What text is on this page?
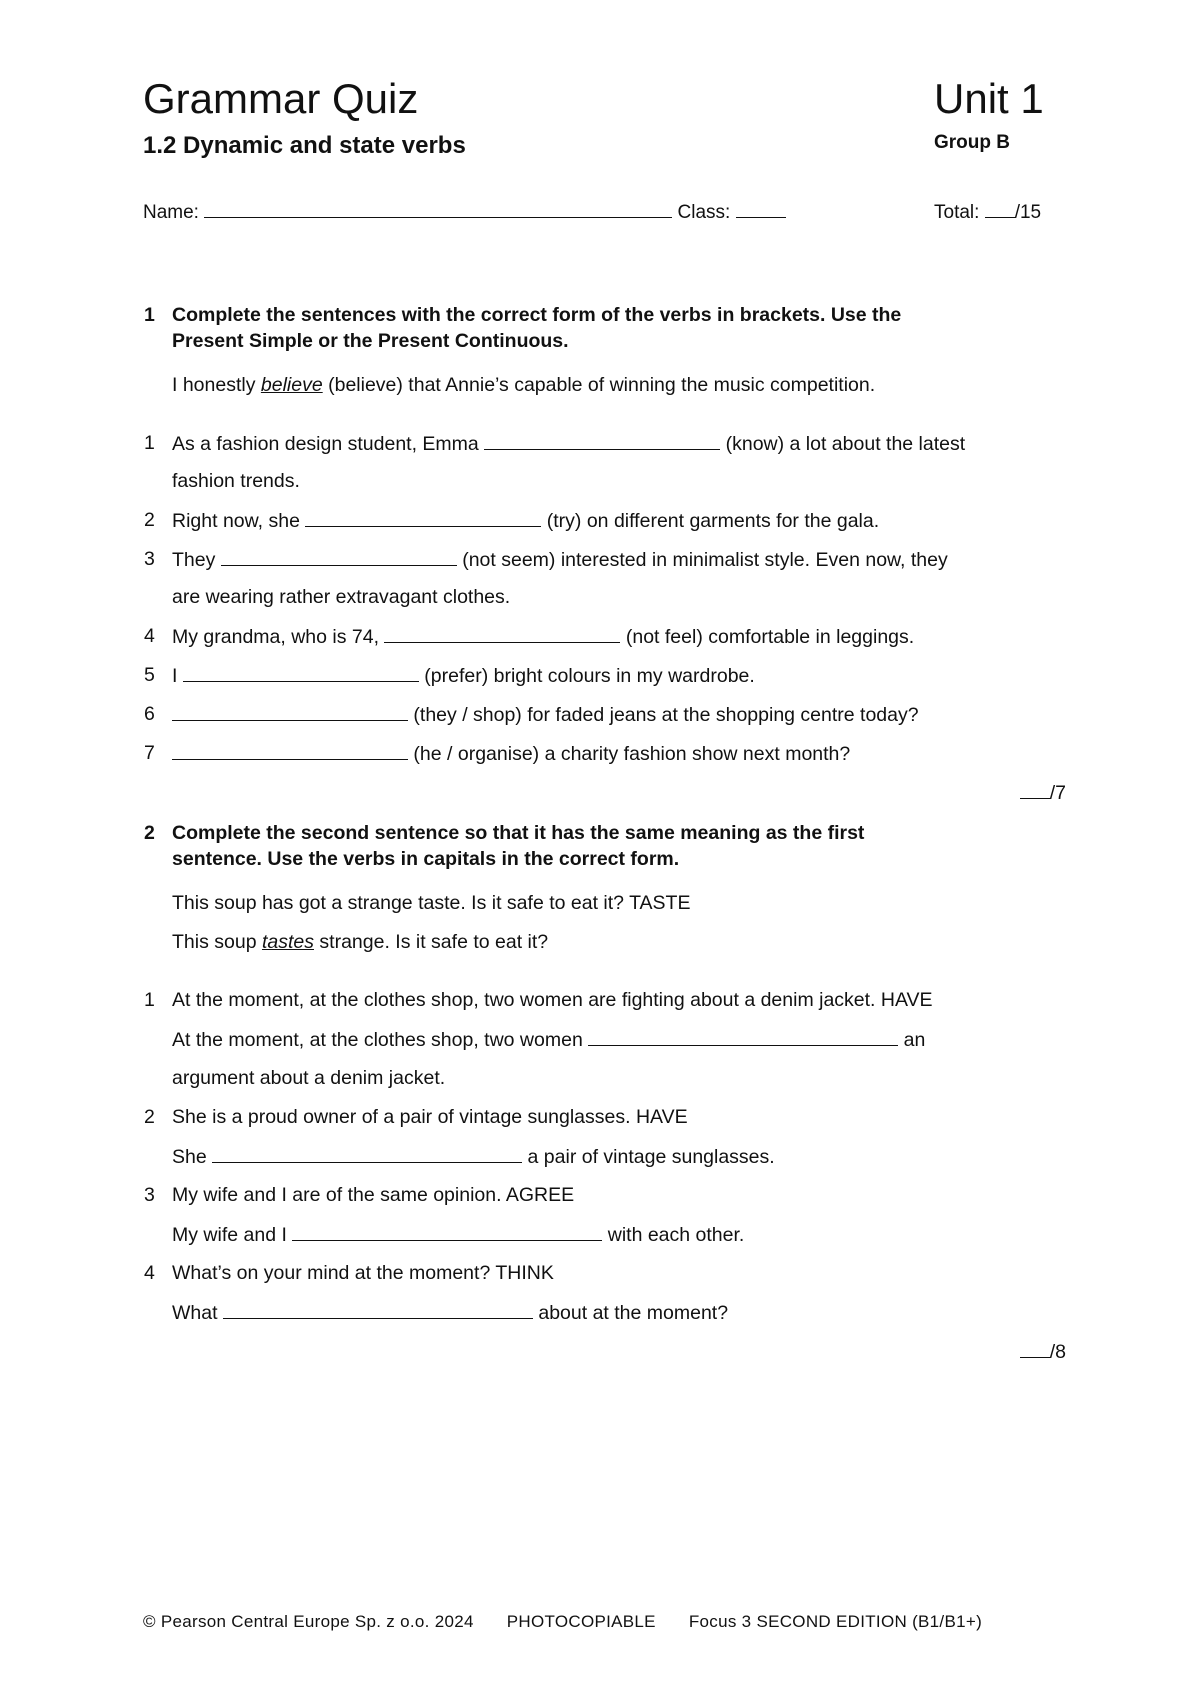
Grammar Quiz	Unit 1
1.2 Dynamic and state verbs	Group B
Name:	Class:	Total: /15
1 Complete the sentences with the correct form of the verbs in brackets. Use the
Present Simple or the Present Continuous.
I honestly believe (believe) that Annie’s capable of winning the music competition.
1 As a fashion design student, Emma	(know) a lot about the latest
fashion trends.
2 Right now, she	(try) on different garments for the gala.
3 They	(not seem) interested in minimalist style. Even now, they
are wearing rather extravagant clothes.
4 My grandma, who is 74,	(not feel) comfortable in leggings.
5 I	(prefer) bright colours in my wardrobe.
6	(they / shop) for faded jeans at the shopping centre today?
7	(he / organise) a charity fashion show next month?
/7
2 Complete the second sentence so that it has the same meaning as the first
sentence. Use the verbs in capitals in the correct form.
This soup has got a strange taste. Is it safe to eat it? TASTE
This soup tastes strange. Is it safe to eat it?
1 At the moment, at the clothes shop, two women are fighting about a denim jacket. HAVE
At the moment, at the clothes shop, two women	an
argument about a denim jacket.
2 She is a proud owner of a pair of vintage sunglasses. HAVE
She	a pair of vintage sunglasses.
3 My wife and I are of the same opinion. AGREE
My wife and I	with each other.
4 What’s on your mind at the moment? THINK
What	about at the moment?
/8
© Pearson Central Europe Sp. z o.o. 2024 PHOTOCOPIABLE Focus 3 SECOND EDITION (B1/B1+)
